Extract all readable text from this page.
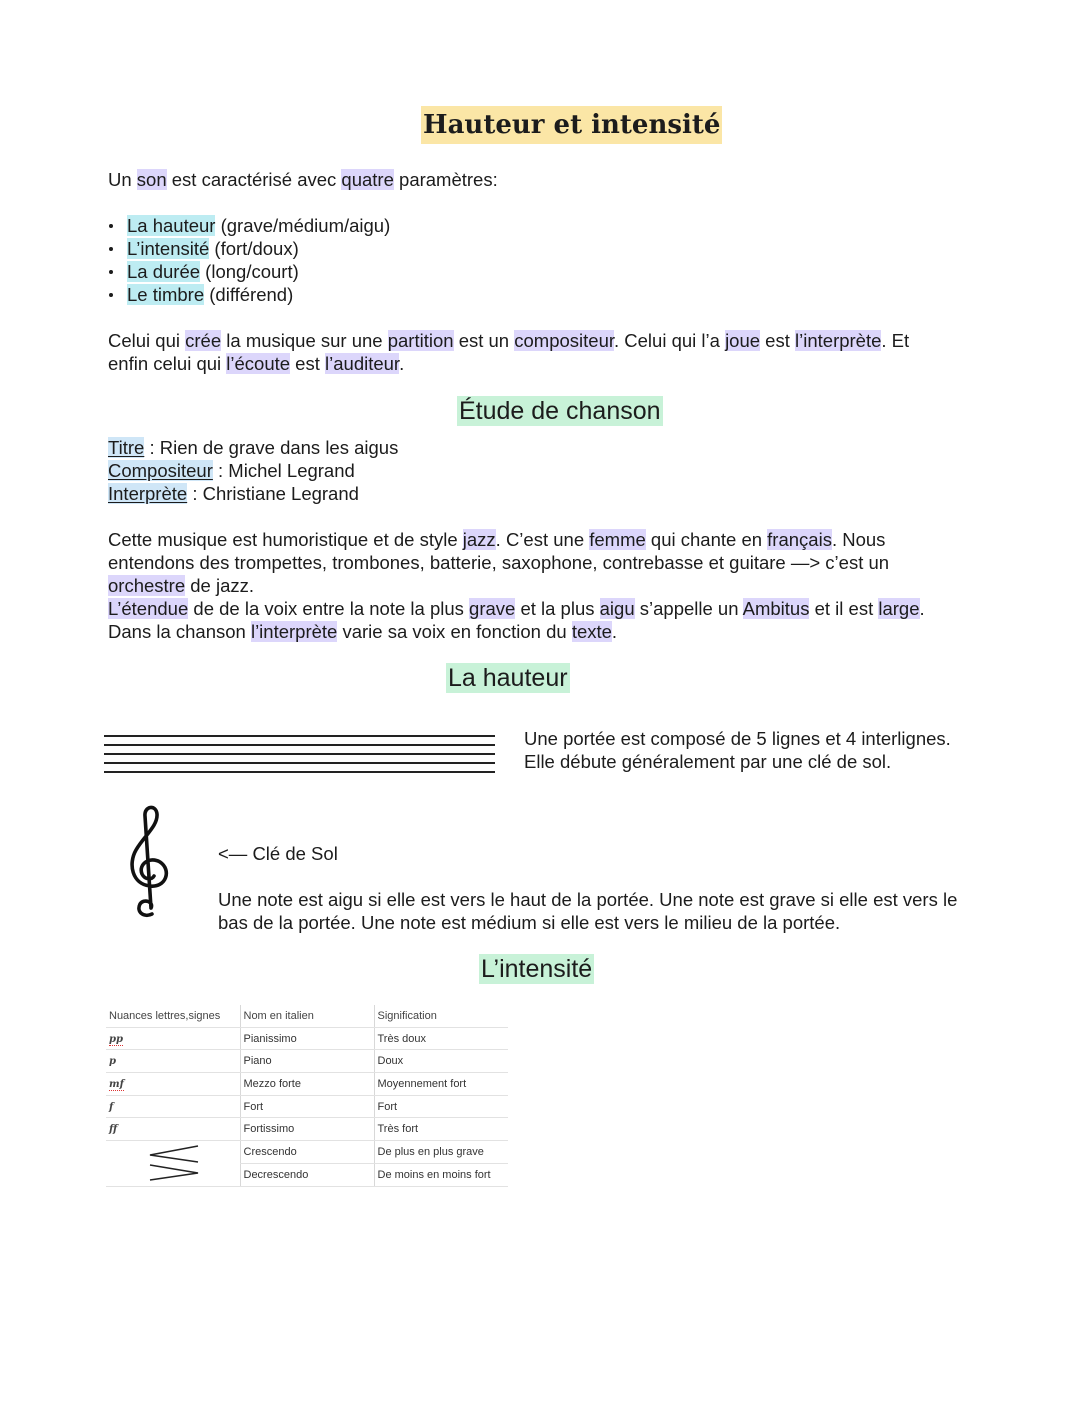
Hauteur et intensité

Un son est caractérisé avec quatre paramètres:

La hauteur (grave/médium/aigu)
L’intensité (fort/doux)
La durée (long/court)
Le timbre (différend)

Celui qui crée la musique sur une partition est un compositeur. Celui qui l’a joue est l’interprète. Et
enfin celui qui l’écoute est l’auditeur.

Étude de chanson
Titre : Rien de grave dans les aigus
Compositeur : Michel Legrand
Interprète : Christiane Legrand
Cette musique est humoristique et de style jazz. C’est une femme qui chante en français. Nous
entendons des trompettes, trombones, batterie, saxophone, contrebasse et guitare —> c’est un
orchestre de jazz.
L’étendue de de la voix entre la note la plus grave et la plus aigu s’appelle un Ambitus et il est large.
Dans la chanson l’interprète varie sa voix en fonction du texte.
La hauteur

Une portée est composé de 5 lignes et 4 interlignes. Elle débute généralement par une clé de sol.

<— Clé de Sol

Une note est aigu si elle est vers le haut de la portée. Une note est grave si elle est vers le bas de la portée. Une note est médium si elle est vers le milieu de la portée.

L’intensité
Nuances lettres,signes	Nom en italien	Signification
pp	Pianissimo	Très doux
p	Piano	Doux
mf	Mezzo forte	Moyennement fort
f	Fort	Fort
ff	Fortissimo	Très fort

	Crescendo	De plus en plus grave
	Decrescendo	De moins en moins fort
